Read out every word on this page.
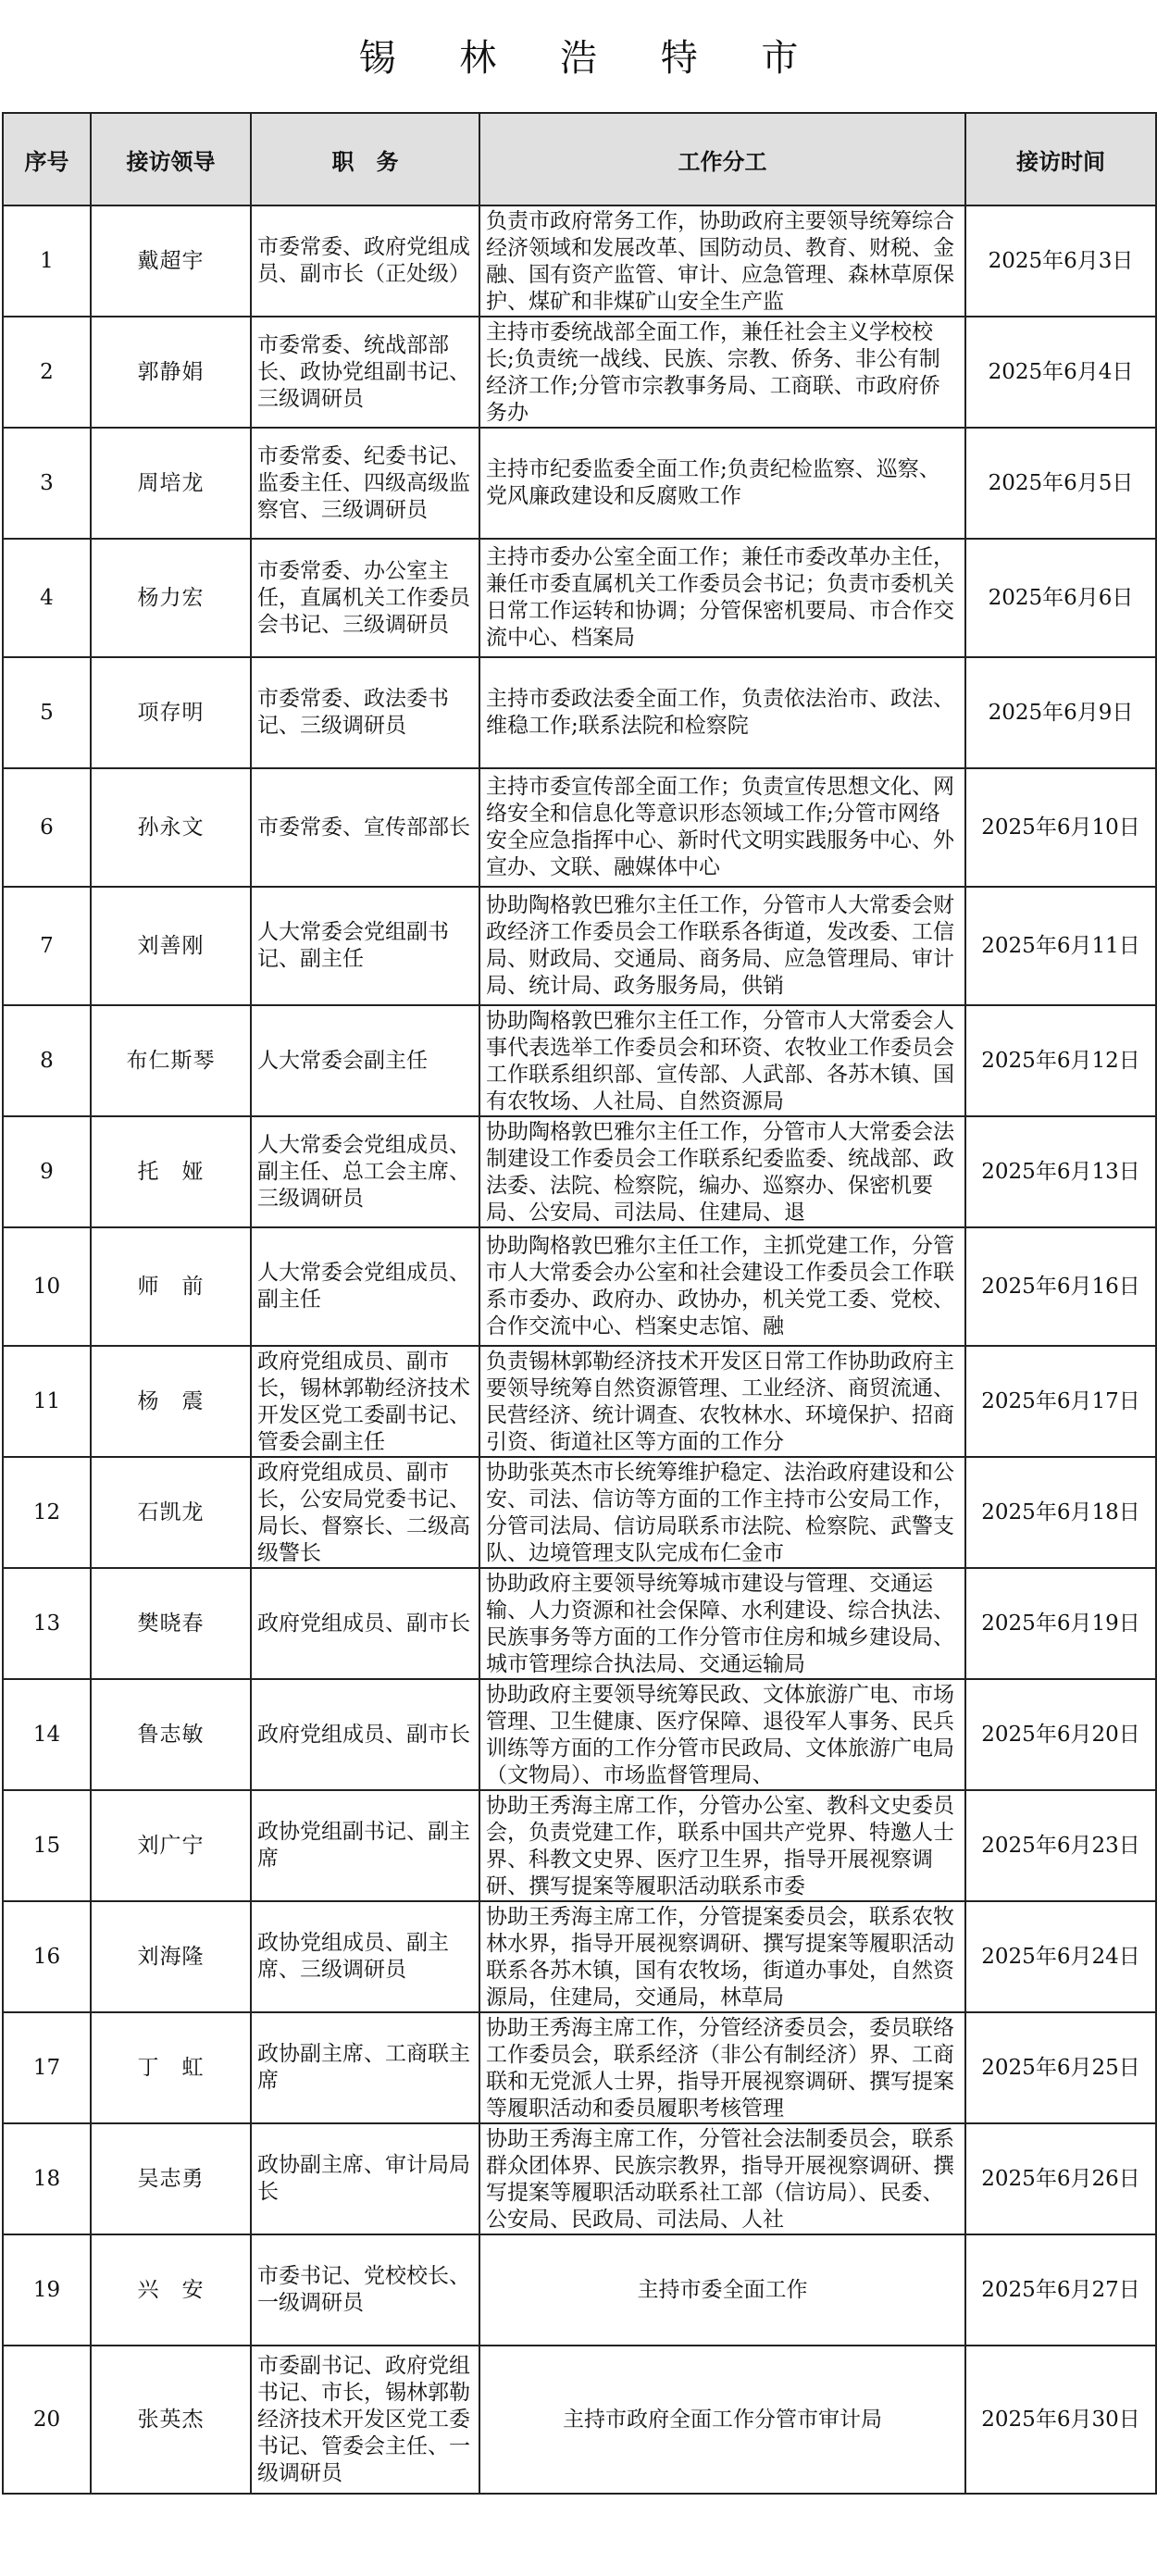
锡 林 浩 特 市
序号	接访领导	职　务	工作分工	接访时间

1	戴超宇	市委常委、政府党组成员、副市长（正处级）	负责市政府常务工作，协助政府主要领导统筹综合经济领域和发展改革、国防动员、教育、财税、金融、国有资产监管、审计、应急管理、森林草原保护、煤矿和非煤矿山安全生产监	2025年6月3日

2	郭静娟	市委常委、统战部部长、政协党组副书记、三级调研员	主持市委统战部全面工作，兼任社会主义学校校长;负责统一战线、民族、宗教、侨务、非公有制经济工作;分管市宗教事务局、工商联、市政府侨务办	2025年6月4日

3	周培龙	市委常委、纪委书记、监委主任、四级高级监察官、三级调研员	主持市纪委监委全面工作;负责纪检监察、巡察、党风廉政建设和反腐败工作	2025年6月5日

4	杨力宏	市委常委、办公室主任，直属机关工作委员会书记、三级调研员	主持市委办公室全面工作；兼任市委改革办主任，兼任市委直属机关工作委员会书记；负责市委机关日常工作运转和协调；分管保密机要局、市合作交流中心、档案局	2025年6月6日

5	项存明	市委常委、政法委书记、三级调研员	主持市委政法委全面工作，负责依法治市、政法、维稳工作;联系法院和检察院	2025年6月9日

6	孙永文	市委常委、宣传部部长	主持市委宣传部全面工作；负责宣传思想文化、网络安全和信息化等意识形态领域工作;分管市网络安全应急指挥中心、新时代文明实践服务中心、外宣办、文联、融媒体中心	2025年6月10日

7	刘善刚	人大常委会党组副书记、副主任	协助陶格敦巴雅尔主任工作，分管市人大常委会财政经济工作委员会工作联系各街道，发改委、工信局、财政局、交通局、商务局、应急管理局、审计局、统计局、政务服务局，供销	2025年6月11日

8	布仁斯琴	人大常委会副主任	协助陶格敦巴雅尔主任工作，分管市人大常委会人事代表选举工作委员会和环资、农牧业工作委员会工作联系组织部、宣传部、人武部、各苏木镇、国有农牧场、人社局、自然资源局	2025年6月12日

9	托　娅	人大常委会党组成员、副主任、总工会主席、三级调研员	协助陶格敦巴雅尔主任工作，分管市人大常委会法制建设工作委员会工作联系纪委监委、统战部、政法委、法院、检察院，编办、巡察办、保密机要局、公安局、司法局、住建局、退	2025年6月13日

10	师　前	人大常委会党组成员、副主任	协助陶格敦巴雅尔主任工作，主抓党建工作，分管市人大常委会办公室和社会建设工作委员会工作联系市委办、政府办、政协办，机关党工委、党校、合作交流中心、档案史志馆、融	2025年6月16日

11	杨　震	政府党组成员、副市长，锡林郭勒经济技术开发区党工委副书记、管委会副主任	负责锡林郭勒经济技术开发区日常工作协助政府主要领导统筹自然资源管理、工业经济、商贸流通、民营经济、统计调查、农牧林水、环境保护、招商引资、街道社区等方面的工作分	2025年6月17日

12	石凯龙	政府党组成员、副市长，公安局党委书记、局长、督察长、二级高级警长	协助张英杰市长统筹维护稳定、法治政府建设和公安、司法、信访等方面的工作主持市公安局工作，分管司法局、信访局联系市法院、检察院、武警支队、边境管理支队完成布仁金市	2025年6月18日

13	樊晓春	政府党组成员、副市长	协助政府主要领导统筹城市建设与管理、交通运输、人力资源和社会保障、水利建设、综合执法、民族事务等方面的工作分管市住房和城乡建设局、城市管理综合执法局、交通运输局	2025年6月19日

14	鲁志敏	政府党组成员、副市长	协助政府主要领导统筹民政、文体旅游广电、市场管理、卫生健康、医疗保障、退役军人事务、民兵训练等方面的工作分管市民政局、文体旅游广电局（文物局）、市场监督管理局、	2025年6月20日

15	刘广宁	政协党组副书记、副主席	协助王秀海主席工作，分管办公室、教科文史委员会，负责党建工作，联系中国共产党界、特邀人士界、科教文史界、医疗卫生界，指导开展视察调研、撰写提案等履职活动联系市委	2025年6月23日

16	刘海隆	政协党组成员、副主席、三级调研员	协助王秀海主席工作，分管提案委员会，联系农牧林水界，指导开展视察调研、撰写提案等履职活动联系各苏木镇，国有农牧场，街道办事处，自然资源局，住建局，交通局，林草局	2025年6月24日

17	丁　虹	政协副主席、工商联主席	协助王秀海主席工作，分管经济委员会，委员联络工作委员会，联系经济（非公有制经济）界、工商联和无党派人士界，指导开展视察调研、撰写提案等履职活动和委员履职考核管理	2025年6月25日

18	吴志勇	政协副主席、审计局局长	协助王秀海主席工作，分管社会法制委员会，联系群众团体界、民族宗教界，指导开展视察调研、撰写提案等履职活动联系社工部（信访局）、民委、公安局、民政局、司法局、人社	2025年6月26日

19	兴　安	市委书记、党校校长、一级调研员	主持市委全面工作	2025年6月27日

20	张英杰	市委副书记、政府党组书记、市长，锡林郭勒经济技术开发区党工委书记、管委会主任、一级调研员	主持市政府全面工作分管市审计局	2025年6月30日
